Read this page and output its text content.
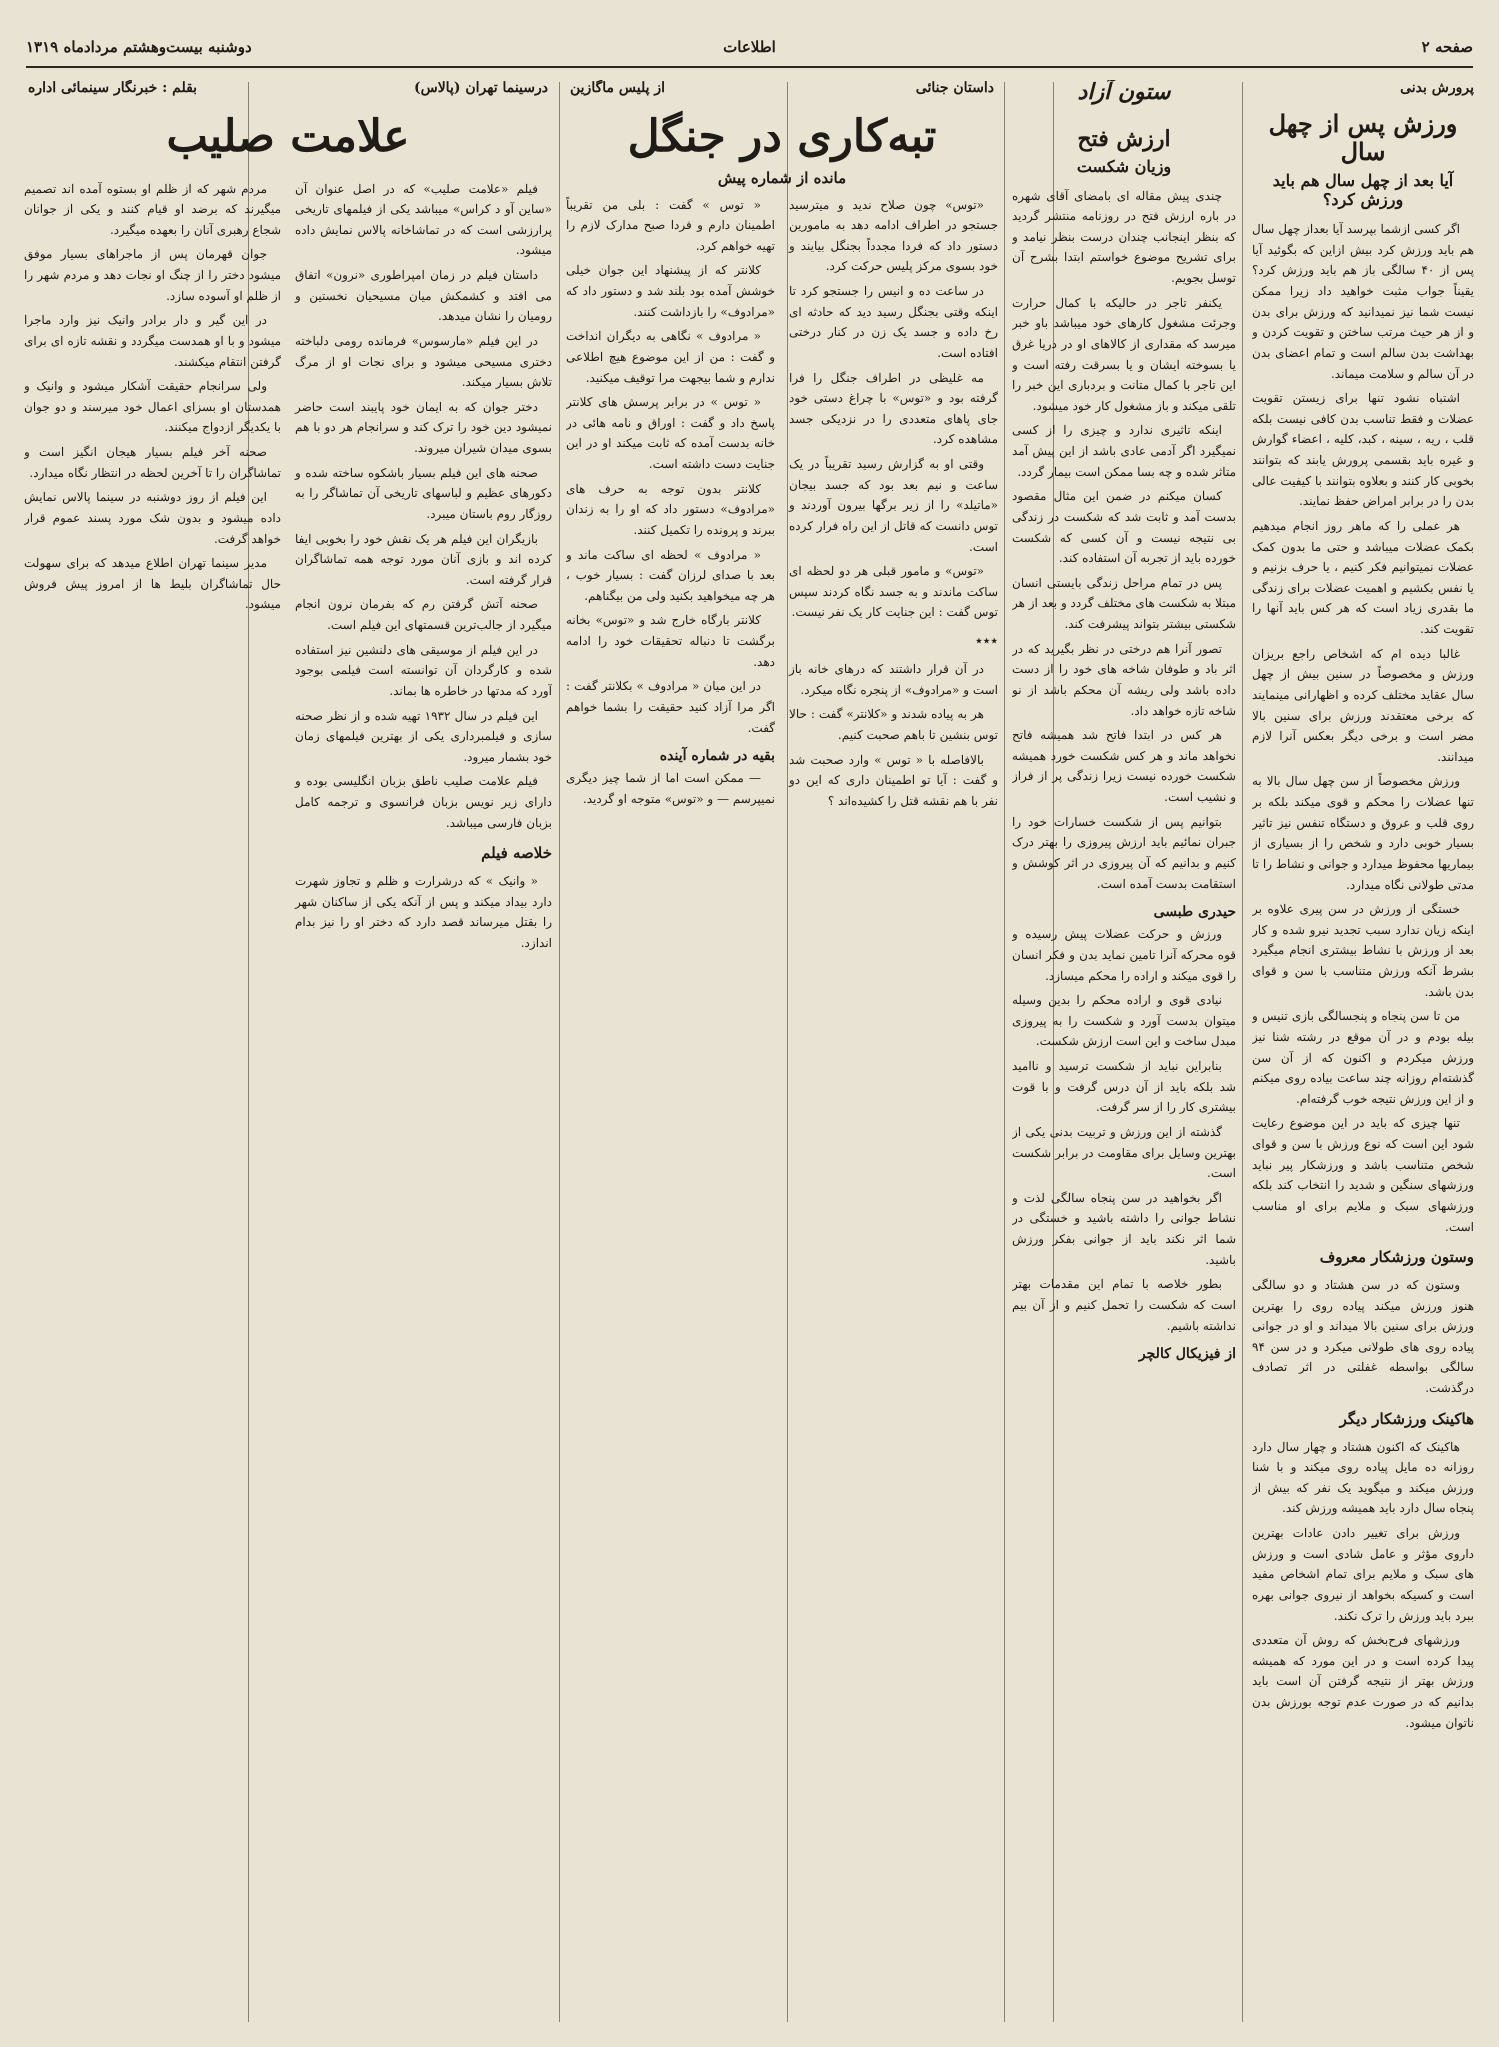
صفحه ۲
اطلاعات
دوشنبه بیست‌وهشتم مرداد‌ماه ۱۳۱۹
پرورش بدنی
ورزش پس از چهل سال
آیا بعد از چهل سال هم باید ورزش کرد؟

اگر کسی ازشما بپرسد آیا بعداز چهل سال هم باید ورزش کرد بیش ازاین که بگوئید آیا پس از ۴۰ سالگی باز هم باید ورزش کرد؟ یقیناً جواب مثبت خواهید داد زیرا ممکن نیست شما نیز نمیدانید که ورزش برای بدن و از هر حیث مرتب ساختن و تقویت کردن و بهداشت بدن سالم است و تمام اعضای بدن در آن سالم و سلامت میماند.

اشتباه نشود تنها برای زیستن تقویت عضلات و فقط تناسب بدن کافی نیست بلکه قلب ، ریه ، سینه ، کبد، کلیه ، اعضاء گوارش و غیره باید بقسمی پرورش یابند که بتوانند بخوبی کار کنند و بعلاوه بتوانند با کیفیت عالی بدن را در برابر امراض حفظ نمایند.

هر عملی را که ماهر روز انجام میدهیم بکمک عضلات میباشد و حتی ما بدون کمک عضلات نمیتوانیم فکر کنیم ، یا حرف بزنیم و یا نفس بکشیم و اهمیت عضلات برای زندگی ما بقدری زیاد است که هر کس باید آنها را تقویت کند.

غالبا دیده ام که اشخاص راجع بریزان ورزش و مخصوصاً در سنین بیش از چهل سال عقاید مختلف کرده و اظهارانی مینمایند که برخی معتقدند ورزش برای سنین بالا مضر است و برخی دیگر بعکس آنرا لازم میدانند.

ورزش مخصوصاً از سن چهل سال بالا به تنها عضلات را محکم و قوی میکند بلکه بر روی قلب و عروق و دستگاه تنفس نیز تاثیر بسیار خوبی دارد و شخص را از بسیاری از بیماریها محفوظ میدارد و جوانی و نشاط را تا مدتی طولانی نگاه میدارد.

خستگی از ورزش در سن پیری علاوه بر اینکه زیان ندارد سبب تجدید نیرو شده و کار بعد از ورزش با نشاط بیشتری انجام میگیرد بشرط آنکه ورزش متناسب با سن و قوای بدن باشد.

من تا سن پنجاه و پنجسالگی بازی تنیس و بیله بودم و در آن موقع در رشته شنا نیز ورزش میکردم و اکنون که از آن سن گذشته‌ام روزانه چند ساعت بیاده روی میکنم و از این ورزش نتیجه خوب گرفته‌ام.

تنها چیزی که باید در این موضوع رعایت شود این است که نوع ورزش با سن و قوای شخص متناسب باشد و ورزشکار پیر نباید ورزشهای سنگین و شدید را انتخاب کند بلکه ورزشهای سبک و ملایم برای او مناسب است.

وستون ورزشکار معروف

وستون که در سن هشتاد و دو سالگی هنوز ورزش میکند پیاده روی را بهترین ورزش برای سنین بالا میداند و او در جوانی پیاده روی های طولانی میکرد و در سن ۹۴ سالگی بواسطه غفلتی در اثر تصادف درگذشت.

هاکینک ورزشکار دیگر

هاکینک که اکنون هشتاد و چهار سال دارد روزانه ده مایل پیاده روی میکند و با شنا ورزش میکند و میگوید یک نفر که بیش از پنجاه سال دارد باید همیشه ورزش کند.

ورزش برای تغییر دادن عادات بهترین داروی مؤثر و عامل شادی است و ورزش های سبک و ملایم برای تمام اشخاص مفید است و کسیکه بخواهد از نیروی جوانی بهره ببرد باید ورزش را ترک نکند.

ورزشهای فرح‌بخش که روش آن متعددی پیدا کرده است و در این مورد که همیشه ورزش بهتر از نتیجه گرفتن آن است باید بدانیم که در صورت عدم توجه بورزش بدن ناتوان میشود.

ستون آزاد
ارزش فتح
وزیان شکست

چندی پیش مقاله ای بامضای آقای شهره در باره ارزش فتح در روزنامه منتشر گردید که بنظر اینجانب چندان درست بنظر نیامد و برای تشریح موضوع خواستم ابتدا بشرح آن توسل بجویم.

یکنفر تاجر در حالیکه با کمال حرارت وجرئت مشغول کارهای خود میباشد باو خبر میرسد که مقداری از کالاهای او در دریا غرق یا بسوخته ایشان و یا بسرقت رفته است و این تاجر با کمال متانت و بردباری این خبر را تلقی میکند و باز مشغول کار خود میشود.

اینکه تاثیری ندارد و چیزی را از کسی نمیگیرد اگر آدمی عادی باشد از این پیش آمد متاثر شده و چه بسا ممکن است بیمار گردد.

کسان میکنم در ضمن این مثال مقصود بدست آمد و ثابت شد که شکست در زندگی بی نتیجه نیست و آن کسی که شکست خورده باید از تجربه آن استفاده کند.

پس در تمام مراحل زندگی بایستی انسان مبتلا به شکست های مختلف گردد و بعد از هر شکستی بیشتر بتواند پیشرفت کند.

تصور آنرا هم درختی در نظر بگیرید که در اثر باد و طوفان شاخه های خود را از دست داده باشد ولی ریشه آن محکم باشد از نو شاخه تازه خواهد داد.

هر کس در ابتدا فاتح شد همیشه فاتح نخواهد ماند و هر کس شکست خورد همیشه شکست خورده نیست زیرا زندگی پر از فراز و نشیب است.

بتوانیم پس از شکست خسارات خود را جبران نمائیم باید ارزش پیروزی را بهتر درک کنیم و بدانیم که آن پیروزی در اثر کوشش و استقامت بدست آمده است.

حیدری طبسی

ورزش و حرکت عضلات پیش رسیده و قوه محرکه آنرا تامین نماید بدن و فکر انسان را قوی میکند و اراده را محکم میسازد.

نیادی قوی و اراده محکم را بدین وسیله میتوان بدست آورد و شکست را به پیروزی مبدل ساخت و این است ارزش شکست.

بنابراین نباید از شکست ترسید و ناامید شد بلکه باید از آن درس گرفت و با قوت بیشتری کار را از سر گرفت.

گذشته از این ورزش و تربیت بدنی یکی از بهترین وسایل برای مقاومت در برابر شکست است.

اگر بخواهید در سن پنجاه سالگی لذت و نشاط جوانی را داشته باشید و خستگی در شما اثر نکند باید از جوانی بفکر ورزش باشید.

بطور خلاصه با تمام این مقدمات بهتر است که شکست را تحمل کنیم و از آن بیم نداشته باشیم.

از فیزیکال کالچر
داستان جنائی
از پلیس ماگازین
تبه‌کاری در جنگل
مانده از شماره پیش

«توس» چون صلاح ندید و میترسید جستجو در اطراف ادامه دهد به مامورین دستور داد که فردا مجدداً بجنگل بیایند و خود بسوی مرکز پلیس حرکت کرد.

در ساعت ده و انیس را جستجو کرد تا اینکه وقتی بجنگل رسید دید که حادثه ای رخ داده و جسد یک زن در کنار درختی افتاده است.

مه غلیظی در اطراف جنگل را فرا گرفته بود و «توس» با چراغ دستی خود جای پاهای متعددی را در نزدیکی جسد مشاهده کرد.

وقتی او به گزارش رسید تقریباً در یک ساعت و نیم بعد بود که جسد بیجان «ماتیلد» را از زیر برگها بیرون آوردند و توس دانست که قاتل از این راه فرار کرده است.

«توس» و مامور قبلی هر دو لحظه ای ساکت ماندند و به جسد نگاه کردند سپس توس گفت : این جنایت کار یک نفر نیست.

٭٭٭

در آن قرار داشتند که درهای خانه باز است و «مرادوف» از پنجره نگاه میکرد.

هر به پیاده شدند و «کلانتر» گفت : حالا توس بنشین تا باهم صحبت کنیم.

بالافاصله با « توس » وارد صحبت شد و گفت : آیا تو اطمینان داری که این دو نفر با هم نقشه قتل را کشیده‌اند ؟

« توس » گفت : بلی من تقریباً اطمینان دارم و فردا صبح مدارک لازم را تهیه خواهم کرد.

کلانتر که از پیشنهاد این جوان خیلی خوشش آمده بود بلند شد و دستور داد که «مرادوف» را بازداشت کنند.

« مرادوف » نگاهی به دیگران انداخت و گفت : من از این موضوع هیچ اطلاعی ندارم و شما بیجهت مرا توقیف میکنید.

« توس » در برابر پرسش های کلانتر پاسخ داد و گفت : اوراق و نامه هائی در خانه بدست آمده که ثابت میکند او در این جنایت دست داشته است.

کلانتر بدون توجه به حرف های «مرادوف» دستور داد که او را به زندان ببرند و پرونده را تکمیل کنند.

« مرادوف » لحظه ای ساکت ماند و بعد با صدای لرزان گفت : بسیار خوب ، هر چه میخواهید بکنید ولی من بیگناهم.

کلانتر بارگاه خارج شد و «توس» بخانه برگشت تا دنباله تحقیقات خود را ادامه دهد.

در این میان « مرادوف » بکلانتر گفت : اگر مرا آزاد کنید حقیقت را بشما خواهم گفت.

بقیه در شماره آینده

— ممکن است اما از شما چیز دیگری نمیپرسم — و «توس» متوجه او گردید.

درسینما تهران (پالاس)
بقلم : خبرنگار سینمائی اداره
علامت صلیب

فیلم «علامت صلیب» که در اصل عنوان آن «ساین آو د کراس» میباشد یکی از فیلمهای تاریخی پرارزشی است که در تماشاخانه پالاس نمایش داده میشود.

داستان فیلم در زمان امپراطوری «نرون» اتفاق می افتد و کشمکش میان مسیحیان نخستین و رومیان را نشان میدهد.

در این فیلم «مارسوس» فرمانده رومی دلباخته دختری مسیحی میشود و برای نجات او از مرگ تلاش بسیار میکند.

دختر جوان که به ایمان خود پایبند است حاضر نمیشود دین خود را ترک کند و سرانجام هر دو با هم بسوی میدان شیران میروند.

صحنه های این فیلم بسیار باشکوه ساخته شده و دکورهای عظیم و لباسهای تاریخی آن تماشاگر را به روزگار روم باستان میبرد.

بازیگران این فیلم هر یک نقش خود را بخوبی ایفا کرده اند و بازی آنان مورد توجه همه تماشاگران قرار گرفته است.

صحنه آتش گرفتن رم که بفرمان نرون انجام میگیرد از جالب‌ترین قسمتهای این فیلم است.

در این فیلم از موسیقی های دلنشین نیز استفاده شده و کارگردان آن توانسته است فیلمی بوجود آورد که مدتها در خاطره ها بماند.

این فیلم در سال ۱۹۳۲ تهیه شده و از نظر صحنه سازی و فیلمبرداری یکی از بهترین فیلمهای زمان خود بشمار میرود.

فیلم علامت صلیب ناطق بزبان انگلیسی بوده و دارای زیر نویس بزبان فرانسوی و ترجمه کامل بزبان فارسی میباشد.

خلاصه فیلم

« وانیک » که درشرارت و ظلم و تجاوز شهرت دارد بیداد میکند و پس از آنکه یکی از ساکنان شهر را بقتل میرساند قصد دارد که دختر او را نیز بدام اندازد.

مردم شهر که از ظلم او بستوه آمده اند تصمیم میگیرند که برضد او قیام کنند و یکی از جوانان شجاع رهبری آنان را بعهده میگیرد.

جوان قهرمان پس از ماجراهای بسیار موفق میشود دختر را از چنگ او نجات دهد و مردم شهر را از ظلم او آسوده سازد.

در این گیر و دار برادر وانیک نیز وارد ماجرا میشود و با او همدست میگردد و نقشه تازه ای برای گرفتن انتقام میکشند.

ولی سرانجام حقیقت آشکار میشود و وانیک و همدستان او بسزای اعمال خود میرسند و دو جوان با یکدیگر ازدواج میکنند.

صحنه آخر فیلم بسیار هیجان انگیز است و تماشاگران را تا آخرین لحظه در انتظار نگاه میدارد.

این فیلم از روز دوشنبه در سینما پالاس نمایش داده میشود و بدون شک مورد پسند عموم قرار خواهد گرفت.

مدیر سینما تهران اطلاع میدهد که برای سهولت حال تماشاگران بلیط ها از امروز پیش فروش میشود.
